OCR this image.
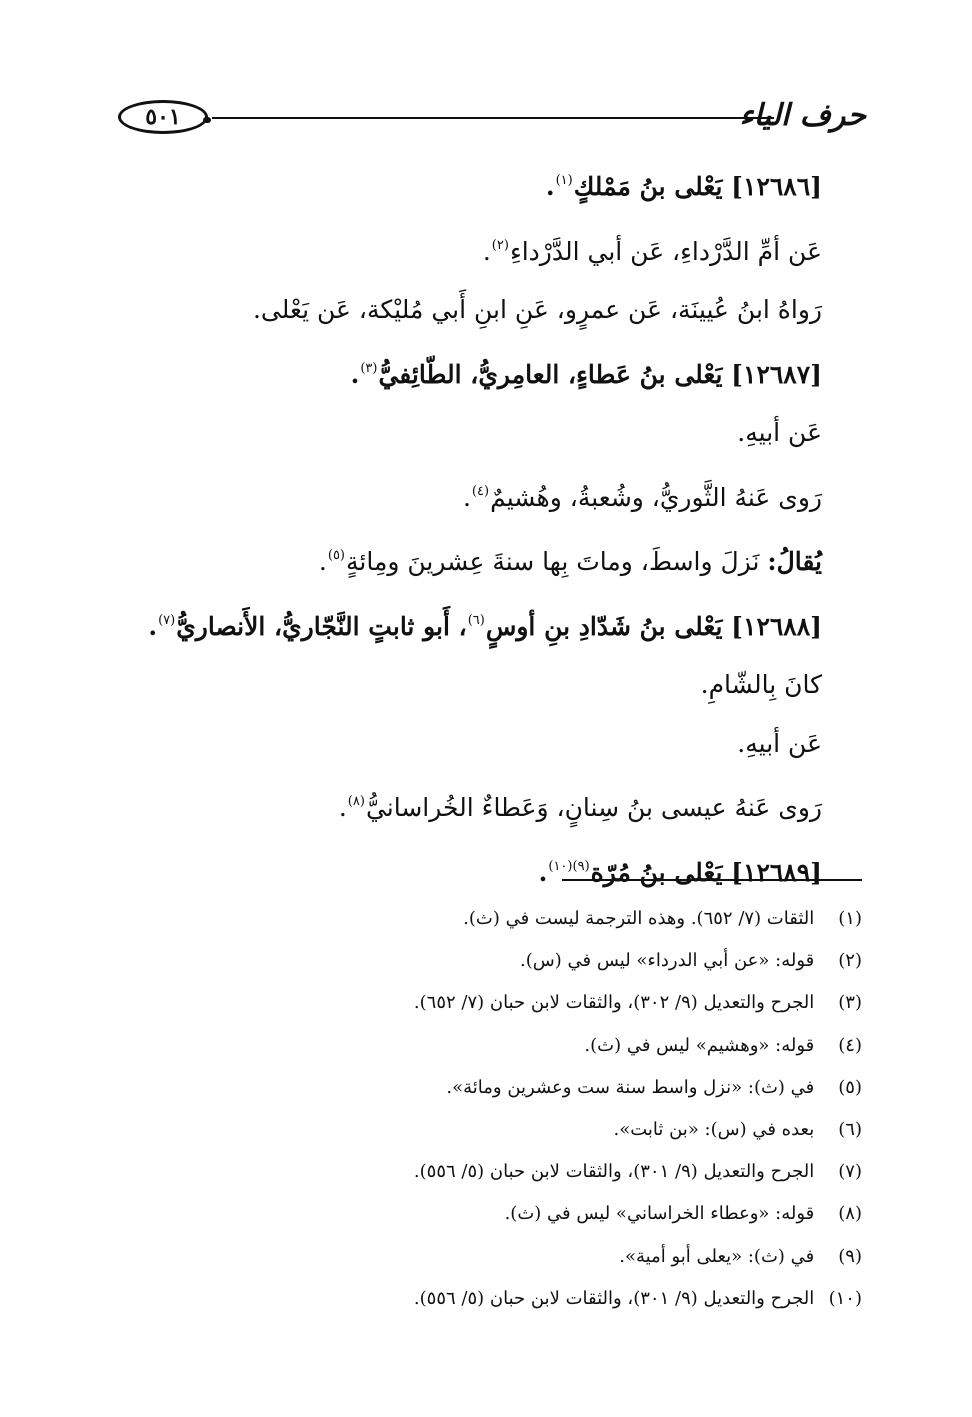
٥٠١	حرف الياء
[١٢٦٨٦] يَعْلى بنُ مَمْلكٍ$^{(١)}$.
عَن أمِّ الدَّرْداءِ، عَن أبي الدَّرْداءِ$^{(٢)}$.
رَواهُ ابنُ عُيينَة، عَن عمرٍو، عَنِ ابنِ أَبي مُليْكة، عَن يَعْلى.
[١٢٦٨٧] يَعْلى بنُ عَطاءٍ، العامِريُّ، الطّائِفيُّ$^{(٣)}$.
عَن أبيهِ.
رَوى عَنهُ الثَّوريُّ، وشُعبةُ، وهُشيمٌ$^{(٤)}$.
يُقالُ: نَزلَ واسطَ، وماتَ بِها سنةَ عِشرينَ ومِائةٍ$^{(٥)}$.
[١٢٦٨٨] يَعْلى بنُ شَدّادِ بنِ أوسٍ$^{(٦)}$، أَبو ثابتٍ النَّجّاريُّ، الأَنصاريُّ$^{(٧)}$.
كانَ بِالشّامِ.
عَن أبيهِ.
رَوى عَنهُ عيسى بنُ سِنانٍ، وَعَطاءٌ الخُراسانيُّ$^{(٨)}$.
[١٢٦٨٩] يَعْلى بنُ مُرّة$^{(٩)(١٠)}$.
(١) الثقات (٧/ ٦٥٢). وهذه الترجمة ليست في (ث).
(٢) قوله: «عن أبي الدرداء» ليس في (س).
(٣) الجرح والتعديل (٩/ ٣٠٢)، والثقات لابن حبان (٧/ ٦٥٢).
(٤) قوله: «وهشيم» ليس في (ث).
(٥) في (ث): «نزل واسط سنة ست وعشرين ومائة».
(٦) بعده في (س): «بن ثابت».
(٧) الجرح والتعديل (٩/ ٣٠١)، والثقات لابن حبان (٥/ ٥٥٦).
(٨) قوله: «وعطاء الخراساني» ليس في (ث).
(٩) في (ث): «يعلى أبو أمية».
(١٠) الجرح والتعديل (٩/ ٣٠١)، والثقات لابن حبان (٥/ ٥٥٦).
